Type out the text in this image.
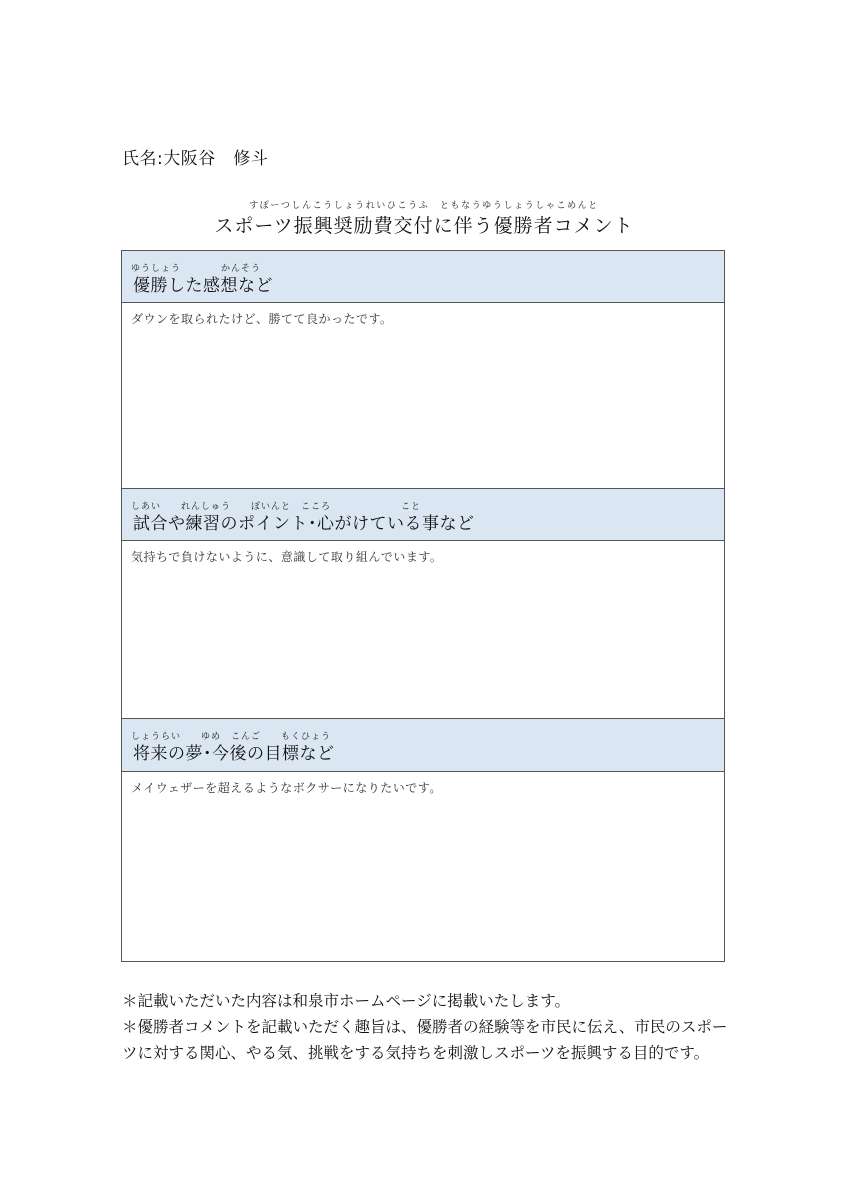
氏名:大阪谷　修斗
すぽーつしんこうしょうれいひこうふ　ともなうゆうしょうしゃこめんと
スポーツ振興奨励費交付に伴う優勝者コメント
ゆうしょう　　　　かんそう
優勝した感想など
ダウンを取られたけど、勝てて良かったです。
しあい　　れんしゅう　　ぽいんと　こころ　　　　　　　こと
試合や練習のポイント･心がけている事など
気持ちで負けないように、意識して取り組んでいます。
しょうらい　　ゆめ　こんご　　もくひょう
将来の夢･今後の目標など
メイウェザーを超えるようなボクサーになりたいです。

＊記載いただいた内容は和泉市ホームページに掲載いたします。

＊優勝者コメントを記載いただく趣旨は、優勝者の経験等を市民に伝え、市民のスポーツに対する関心、やる気、挑戦をする気持ちを刺激しスポーツを振興する目的です。
